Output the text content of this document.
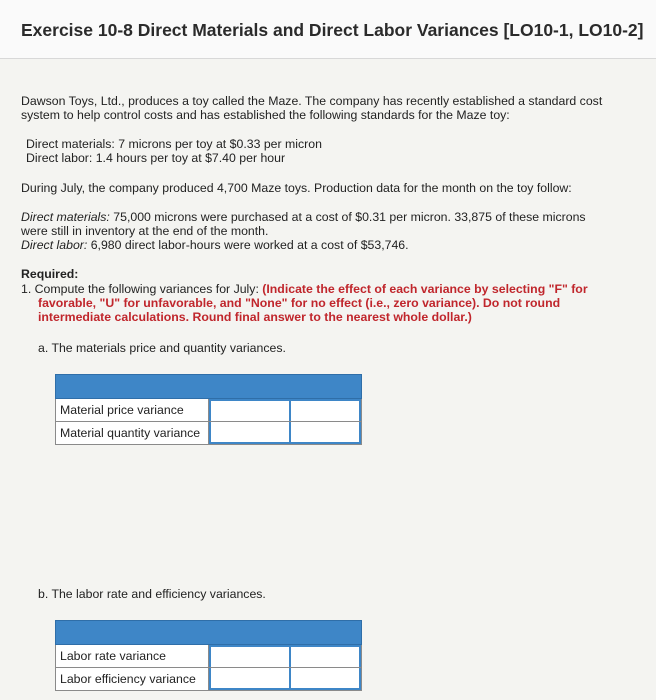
Exercise 10-8 Direct Materials and Direct Labor Variances [LO10-1, LO10-2]
Dawson Toys, Ltd., produces a toy called the Maze. The company has recently established a standard cost
system to help control costs and has established the following standards for the Maze toy:
Direct materials: 7 microns per toy at $0.33 per micron
Direct labor: 1.4 hours per toy at $7.40 per hour
During July, the company produced 4,700 Maze toys. Production data for the month on the toy follow:
Direct materials: 75,000 microns were purchased at a cost of $0.31 per micron. 33,875 of these microns
were still in inventory at the end of the month.
Direct labor: 6,980 direct labor-hours were worked at a cost of $53,746.
Required:
1. Compute the following variances for July: (Indicate the effect of each variance by selecting "F" for
favorable, "U" for unfavorable, and "None" for no effect (i.e., zero variance). Do not round
intermediate calculations. Round final answer to the nearest whole dollar.)
a. The materials price and quantity variances.
Material price variance
Material quantity variance
b. The labor rate and efficiency variances.
Labor rate variance
Labor efficiency variance
